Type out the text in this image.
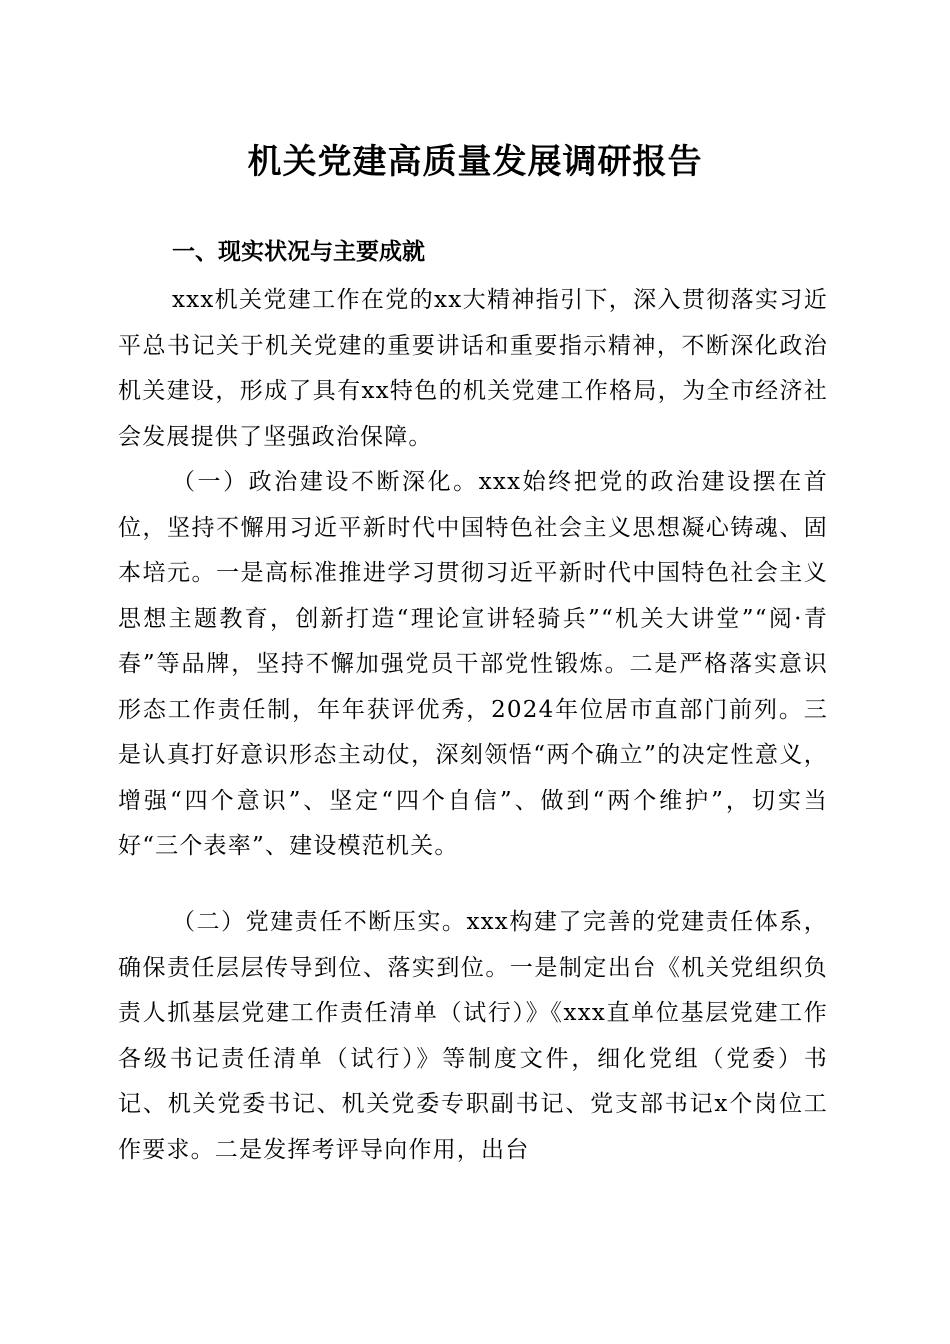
机关党建高质量发展调研报告
一、现实状况与主要成就

xxx机关党建工作在党的xx大精神指引下，深入贯彻落实习近平总书记关于机关党建的重要讲话和重要指示精神，不断深化政治机关建设，形成了具有xx特色的机关党建工作格局，为全市经济社会发展提供了坚强政治保障。

（一）政治建设不断深化。xxx始终把党的政治建设摆在首位，坚持不懈用习近平新时代中国特色社会主义思想凝心铸魂、固本培元。一是高标准推进学习贯彻习近平新时代中国特色社会主义思想主题教育，创新打造“理论宣讲轻骑兵”“机关大讲堂”“阅·青春”等品牌，坚持不懈加强党员干部党性锻炼。二是严格落实意识形态工作责任制，年年获评优秀，2024年位居市直部门前列。三是认真打好意识形态主动仗，深刻领悟“两个确立”的决定性意义，增强“四个意识”、坚定“四个自信”、做到“两个维护”，切实当好“三个表率”、建设模范机关。

（二）党建责任不断压实。xxx构建了完善的党建责任体系，确保责任层层传导到位、落实到位。一是制定出台《机关党组织负责人抓基层党建工作责任清单（试行）》《xxx直单位基层党建工作各级书记责任清单（试行）》等制度文件，细化党组（党委）书记、机关党委书记、机关党委专职副书记、党支部书记x个岗位工作要求。二是发挥考评导向作用，出台
